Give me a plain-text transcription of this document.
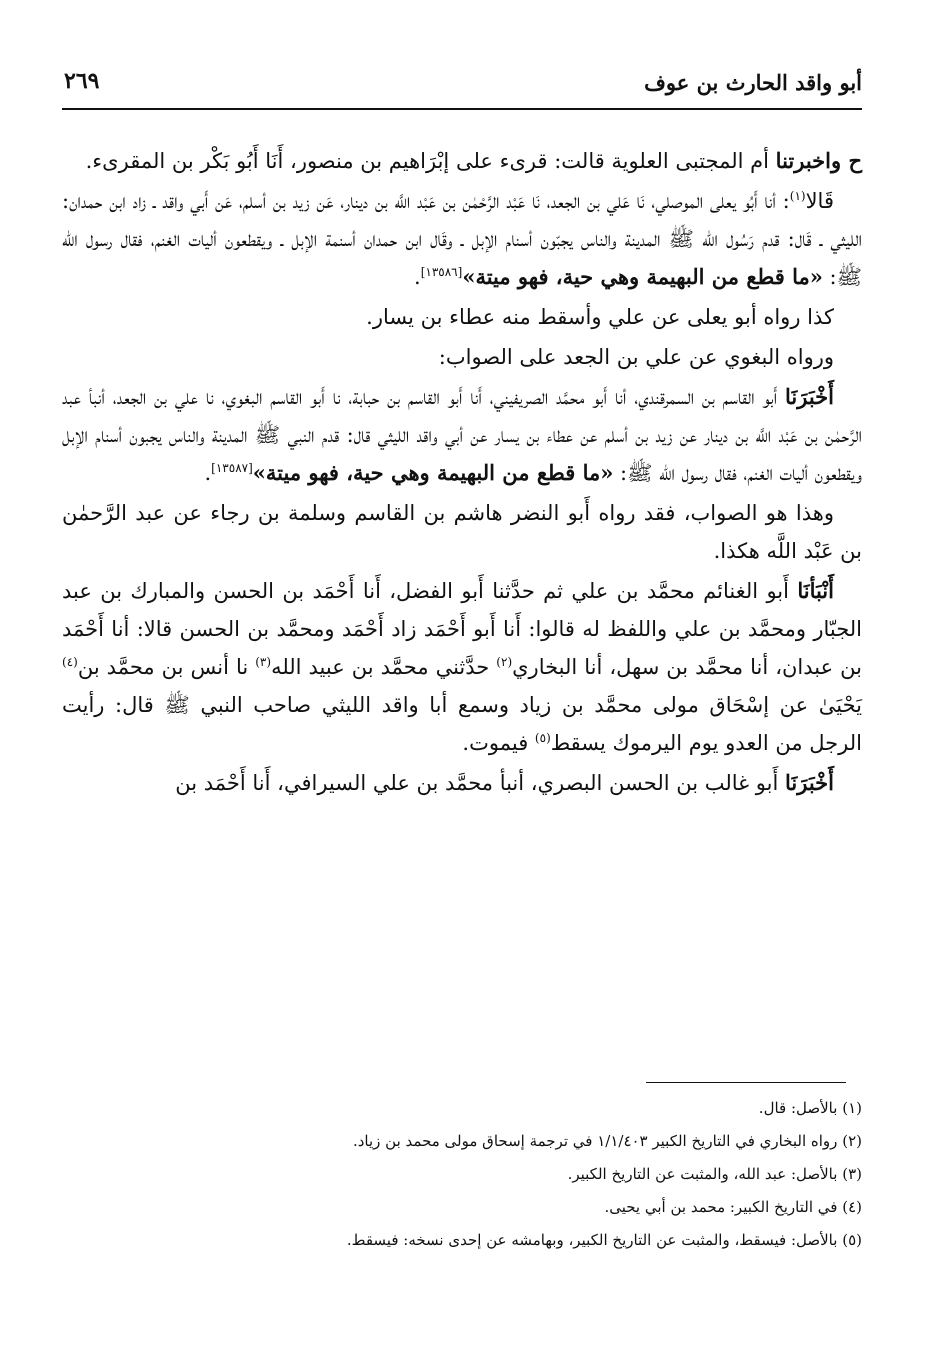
أبو واقد الحارث بن عوف
٢٦٩

ح واخبرتنا أم المجتبى العلوية قالت: قرىء على إبْرَاهيم بن منصور، أَنَا أَبُو بَكْر بن المقرىء.

قَالا$^{(١)}$: أنا أَبُو يعلى الموصلي، نَا عَلي بن الجعد، نَا عَبْد الرَّحْمٰن بن عَبْد اللَّه بن دينار، عَن زيد بن أسلم، عَن أَبي واقد ـ زاد ابن حمدان: الليثي ـ قَال: قدم رَسُول الله ﷺ المدينة والناس يجبّون أسنام الإبل ـ وقَال ابن حمدان أسنمة الإبل ـ ويقطعون أليات الغنم، فقال رسول الله ﷺ: «ما قطع من البهيمة وهي حية، فهو ميتة»[١٣٥٨٦].

كذا رواه أبو يعلى عن علي وأسقط منه عطاء بن يسار.

ورواه البغوي عن علي بن الجعد على الصواب:

أَخْبَرَنَا أَبو القاسم بن السمرقندي، أنا أَبو محمَّد الصريفيني، أَنا أَبو القاسم بن حبابة، نا أَبو القاسم البغوي، نا علي بن الجعد، أنبأ عبد الرَّحمٰن بن عَبْد اللَّه بن دينار عن زيد بن أسلم عن عطاء بن يسار عن أبي واقد الليثي قال: قدم النبي ﷺ المدينة والناس يجبون أسنام الإبل ويقطعون أليات الغنم، فقال رسول الله ﷺ: «ما قطع من البهيمة وهي حية، فهو ميتة»[١٣٥٨٧].

وهذا هو الصواب، فقد رواه أَبو النضر هاشم بن القاسم وسلمة بن رجاء عن عبد الرَّحمٰن بن عَبْد اللَّه هكذا.

أَنْبَأنَا أَبو الغنائم محمَّد بن علي ثم حدَّثنا أَبو الفضل، أَنا أَحْمَد بن الحسن والمبارك بن عبد الجبّار ومحمَّد بن علي واللفظ له قالوا: أَنا أَبو أَحْمَد زاد أَحْمَد ومحمَّد بن الحسن قالا: أنا أَحْمَد بن عبدان، أنا محمَّد بن سهل، أنا البخاري$^{(٢)}$ حدَّثني محمَّد بن عبيد الله$^{(٣)}$ نا أنس بن محمَّد بن$^{(٤)}$ يَحْيَىٰ عن إسْحَاق مولى محمَّد بن زياد وسمع أبا واقد الليثي صاحب النبي ﷺ قال: رأيت الرجل من العدو يوم اليرموك يسقط$^{(٥)}$ فيموت.

أَخْبَرَنَا أَبو غالب بن الحسن البصري، أنبأ محمَّد بن علي السيرافي، أَنا أَحْمَد بن

(١) بالأصل: قال.

(٢) رواه البخاري في التاريخ الكبير ١/١/٤٠٣ في ترجمة إسحاق مولى محمد بن زياد.

(٣) بالأصل: عبد الله، والمثبت عن التاريخ الكبير.

(٤) في التاريخ الكبير: محمد بن أبي يحيى.

(٥) بالأصل: فيسقط، والمثبت عن التاريخ الكبير، وبهامشه عن إحدى نسخه: فيسقط.
